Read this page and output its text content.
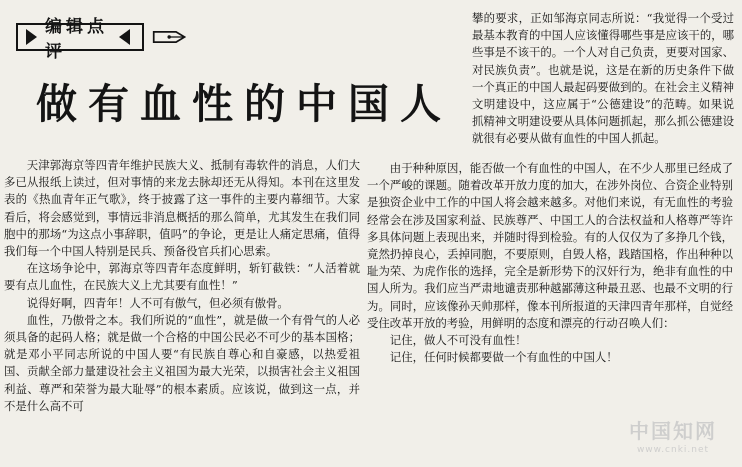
编辑点评
做有血性的中国人

天津郭海京等四青年维护民族大义、抵制有毒软件的消息，人们大多已从报纸上读过，但对事情的来龙去脉却还无从得知。本刊在这里发表的《热血青年正气歌》，终于披露了这一事件的主要内幕细节。大家看后，将会感觉到，事情远非消息概括的那么简单，尤其发生在我们同胞中的那场“为这点小事辞职，值吗”的争论，更是让人痛定思痛，值得我们每一个中国人特别是民兵、预备役官兵扪心思索。

在这场争论中，郭海京等四青年态度鲜明，斩钉截铁：“人活着就要有点儿血性，在民族大义上尤其要有血性！”

说得好啊，四青年！人不可有傲气，但必须有傲骨。

血性，乃傲骨之本。我们所说的“血性”，就是做一个有骨气的人必须具备的起码人格；就是做一个合格的中国公民必不可少的基本国格；就是邓小平同志所说的中国人要“有民族自尊心和自豪感，以热爱祖国、贡献全部力量建设社会主义祖国为最大光荣，以损害社会主义祖国利益、尊严和荣誉为最大耻辱”的根本素质。应该说，做到这一点，并不是什么高不可

攀的要求，正如邹海京同志所说：“我觉得一个受过最基本教育的中国人应该懂得哪些事是应该干的，哪些事是不该干的。一个人对自己负责，更要对国家、对民族负责”。也就是说，这是在新的历史条件下做一个真正的中国人最起码要做到的。在社会主义精神文明建设中，这应属于“公德建设”的范畴。如果说抓精神文明建设要从具体问题抓起，那么抓公德建设就很有必要从做有血性的中国人抓起。

由于种种原因，能否做一个有血性的中国人，在不少人那里已经成了一个严峻的课题。随着改革开放力度的加大，在涉外岗位、合资企业特别是独资企业中工作的中国人将会越来越多。对他们来说，有无血性的考验经常会在涉及国家利益、民族尊严、中国工人的合法权益和人格尊严等许多具体问题上表现出来，并随时得到检验。有的人仅仅为了多挣几个钱，竟然扔掉良心，丢掉同胞，不要原则，自毁人格，践踏国格，作出种种以耻为荣、为虎作伥的选择，完全是新形势下的汉奸行为，绝非有血性的中国人所为。我们应当严肃地谴责那种越鄙薄这种最丑恶、也最不文明的行为。同时，应该像孙天帅那样，像本刊所报道的天津四青年那样，自觉经受住改革开放的考验，用鲜明的态度和漂亮的行动召唤人们：

记住，做人不可没有血性！

记住，任何时候都要做一个有血性的中国人！

中国知网
www.cnki.net
